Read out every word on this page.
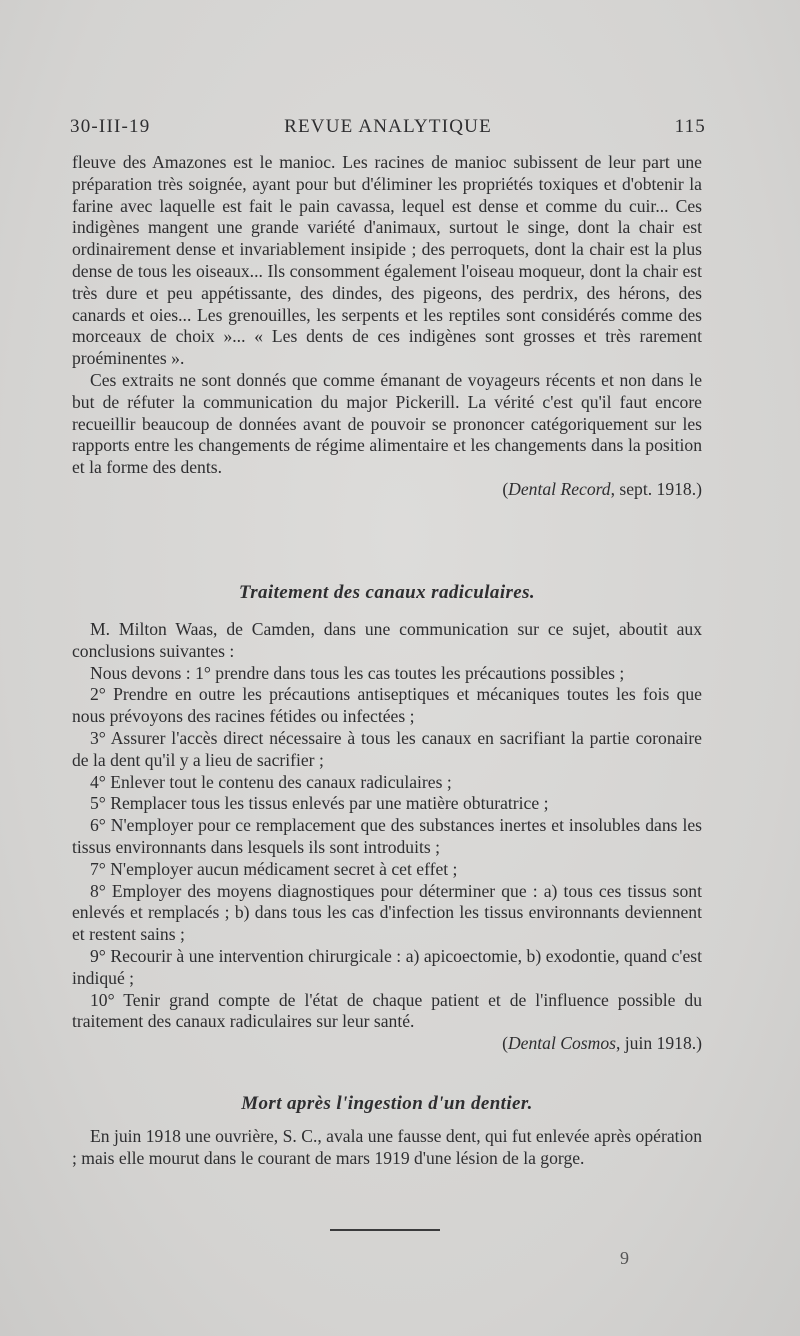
30-III-19	REVUE ANALYTIQUE	115

fleuve des Amazones est le manioc. Les racines de manioc subissent de leur part une préparation très soignée, ayant pour but d'éliminer les propriétés toxiques et d'obtenir la farine avec laquelle est fait le pain cavassa, lequel est dense et comme du cuir... Ces indigènes mangent une grande variété d'animaux, surtout le singe, dont la chair est ordinairement dense et invariablement insipide ; des perroquets, dont la chair est la plus dense de tous les oiseaux... Ils consomment également l'oiseau moqueur, dont la chair est très dure et peu appétissante, des dindes, des pigeons, des perdrix, des hérons, des canards et oies... Les grenouilles, les serpents et les reptiles sont considérés comme des morceaux de choix »... « Les dents de ces indigènes sont grosses et très rarement proéminentes ».

Ces extraits ne sont donnés que comme émanant de voyageurs récents et non dans le but de réfuter la communication du major Pickerill. La vérité c'est qu'il faut encore recueillir beaucoup de données avant de pouvoir se prononcer catégoriquement sur les rapports entre les changements de régime alimentaire et les changements dans la position et la forme des dents.

(Dental Record, sept. 1918.)

Traitement des canaux radiculaires.

M. Milton Waas, de Camden, dans une communication sur ce sujet, aboutit aux conclusions suivantes :

Nous devons : 1° prendre dans tous les cas toutes les précautions possibles ;

2° Prendre en outre les précautions antiseptiques et mécaniques toutes les fois que nous prévoyons des racines fétides ou infectées ;

3° Assurer l'accès direct nécessaire à tous les canaux en sacrifiant la partie coronaire de la dent qu'il y a lieu de sacrifier ;

4° Enlever tout le contenu des canaux radiculaires ;

5° Remplacer tous les tissus enlevés par une matière obturatrice ;

6° N'employer pour ce remplacement que des substances inertes et insolubles dans les tissus environnants dans lesquels ils sont introduits ;

7° N'employer aucun médicament secret à cet effet ;

8° Employer des moyens diagnostiques pour déterminer que : a) tous ces tissus sont enlevés et remplacés ; b) dans tous les cas d'infection les tissus environnants deviennent et restent sains ;

9° Recourir à une intervention chirurgicale : a) apicoectomie, b) exodontie, quand c'est indiqué ;

10° Tenir grand compte de l'état de chaque patient et de l'influence possible du traitement des canaux radiculaires sur leur santé.

(Dental Cosmos, juin 1918.)

Mort après l'ingestion d'un dentier.

En juin 1918 une ouvrière, S. C., avala une fausse dent, qui fut enlevée après opération ; mais elle mourut dans le courant de mars 1919 d'une lésion de la gorge.

9
